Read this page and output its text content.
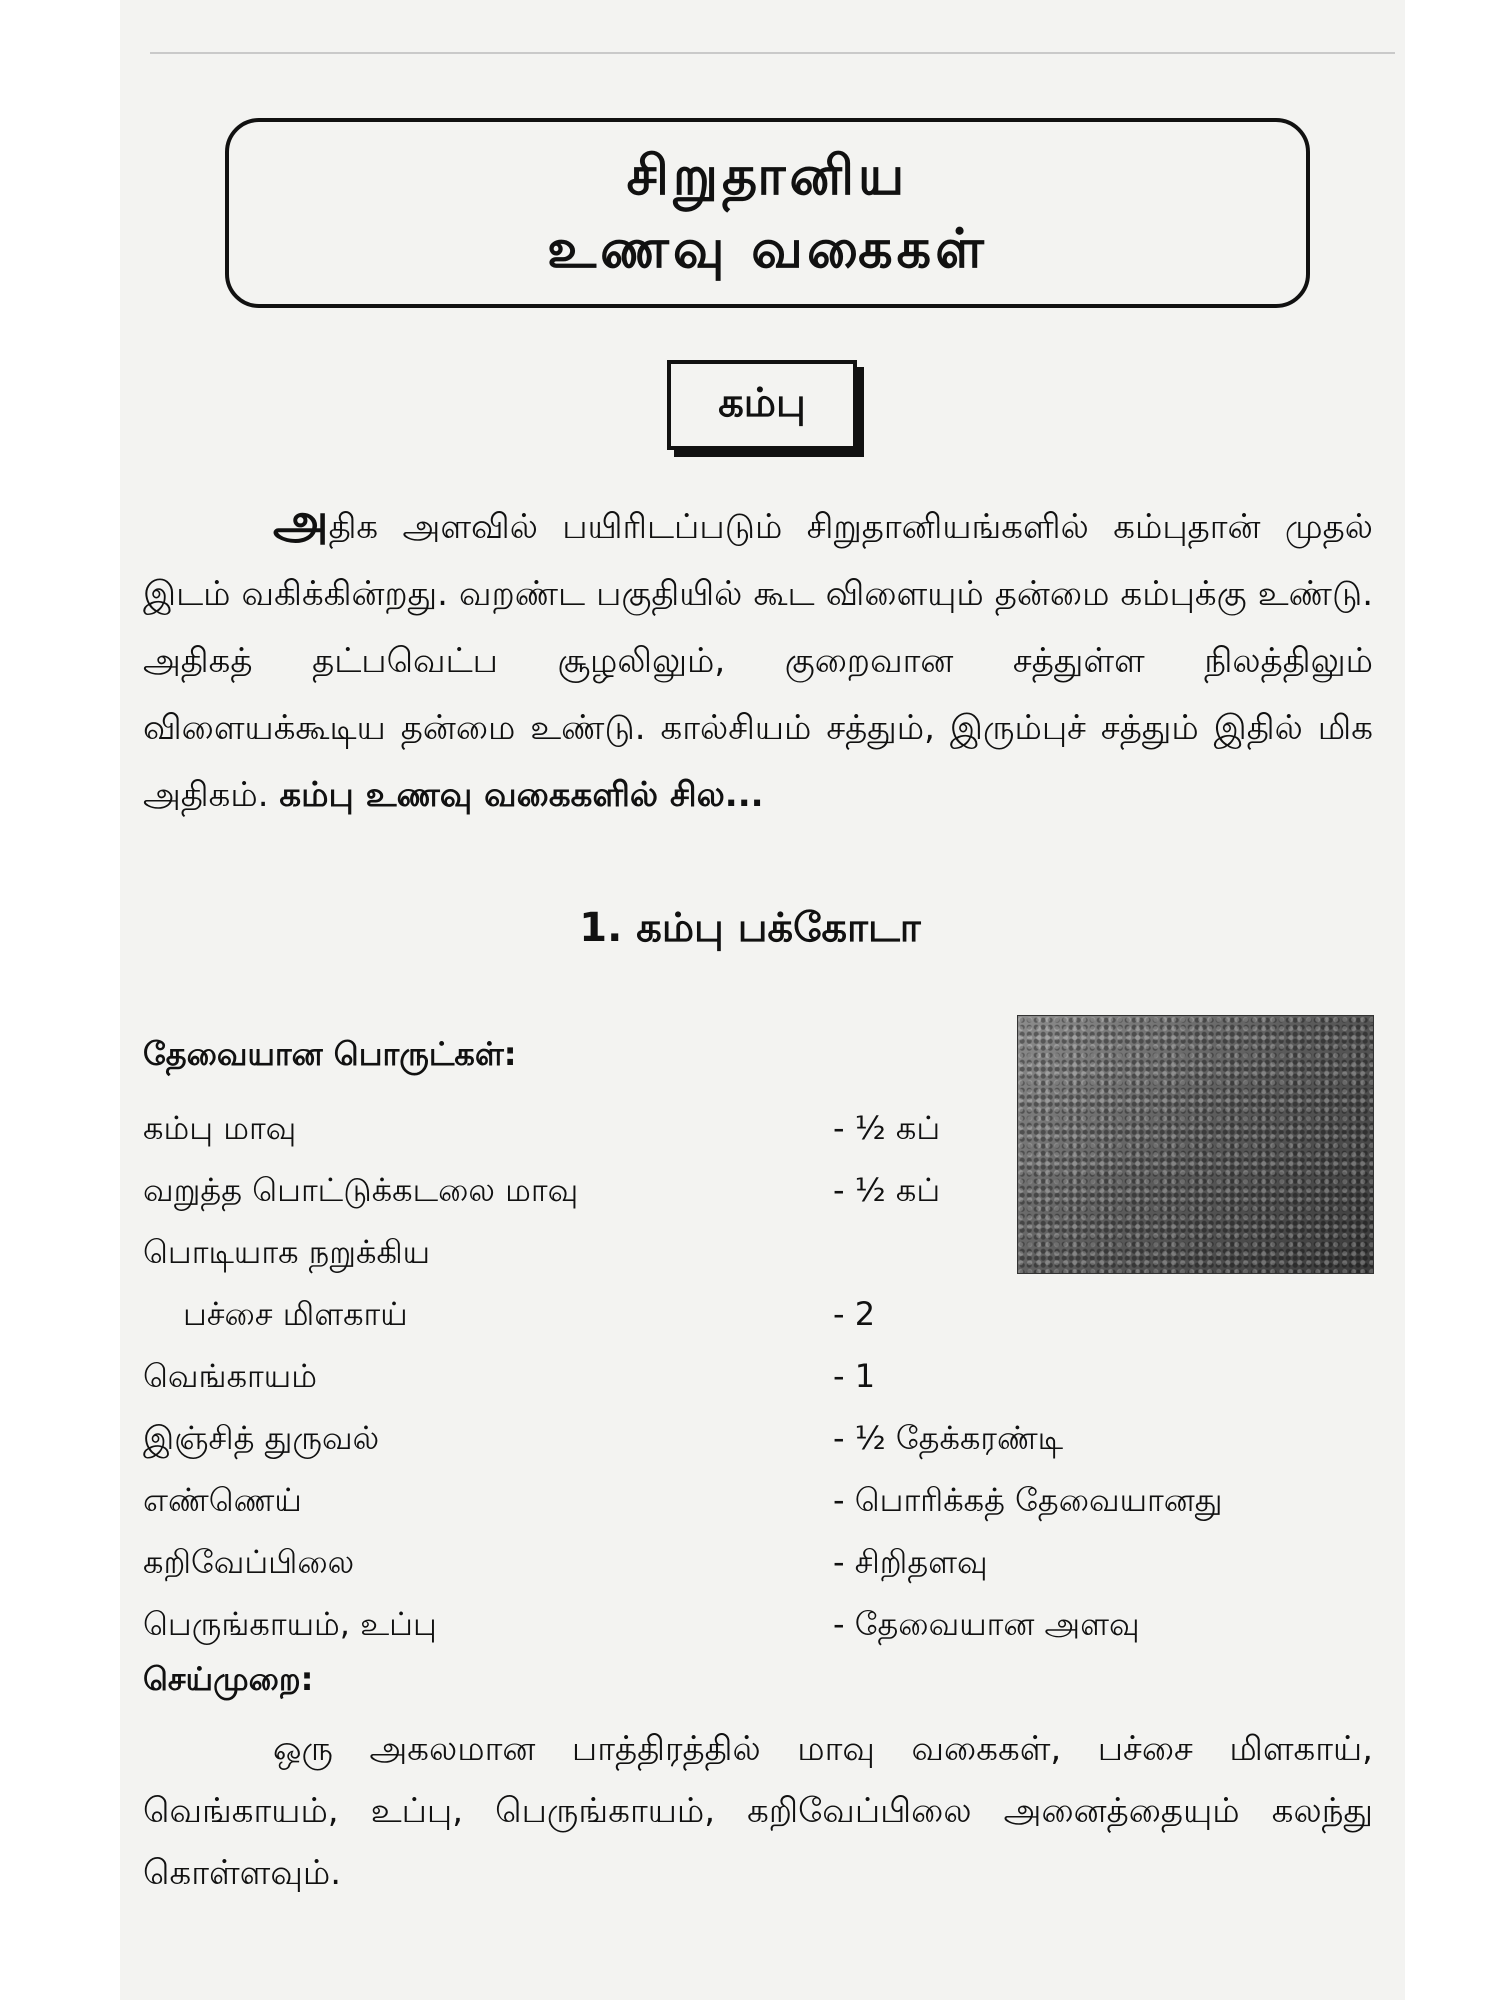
சிறுதானிய
உணவு வகைகள்
கம்பு

அதிக அளவில் பயிரிடப்படும் சிறுதானியங்களில் கம்புதான் முதல் இடம் வகிக்கின்றது. வறண்ட பகுதியில் கூட விளையும் தன்மை கம்புக்கு உண்டு. அதிகத் தட்பவெட்ப சூழலிலும், குறைவான சத்துள்ள நிலத்திலும் விளையக்கூடிய தன்மை உண்டு. கால்சியம் சத்தும், இரும்புச் சத்தும் இதில் மிக அதிகம். கம்பு உணவு வகைகளில் சில...

1. கம்பு பக்கோடா
தேவையான பொருட்கள்:
கம்பு மாவு	- ½ கப்
வறுத்த பொட்டுக்கடலை மாவு	- ½ கப்
பொடியாக நறுக்கிய
பச்சை மிளகாய்	- 2
வெங்காயம்	- 1
இஞ்சித் துருவல்	- ½ தேக்கரண்டி
எண்ணெய்	- பொரிக்கத் தேவையானது
கறிவேப்பிலை	- சிறிதளவு
பெருங்காயம், உப்பு	- தேவையான அளவு
செய்முறை:

ஒரு அகலமான பாத்திரத்தில் மாவு வகைகள், பச்சை மிளகாய், வெங்காயம், உப்பு, பெருங்காயம், கறிவேப்பிலை அனைத்தையும் கலந்து கொள்ளவும்.
